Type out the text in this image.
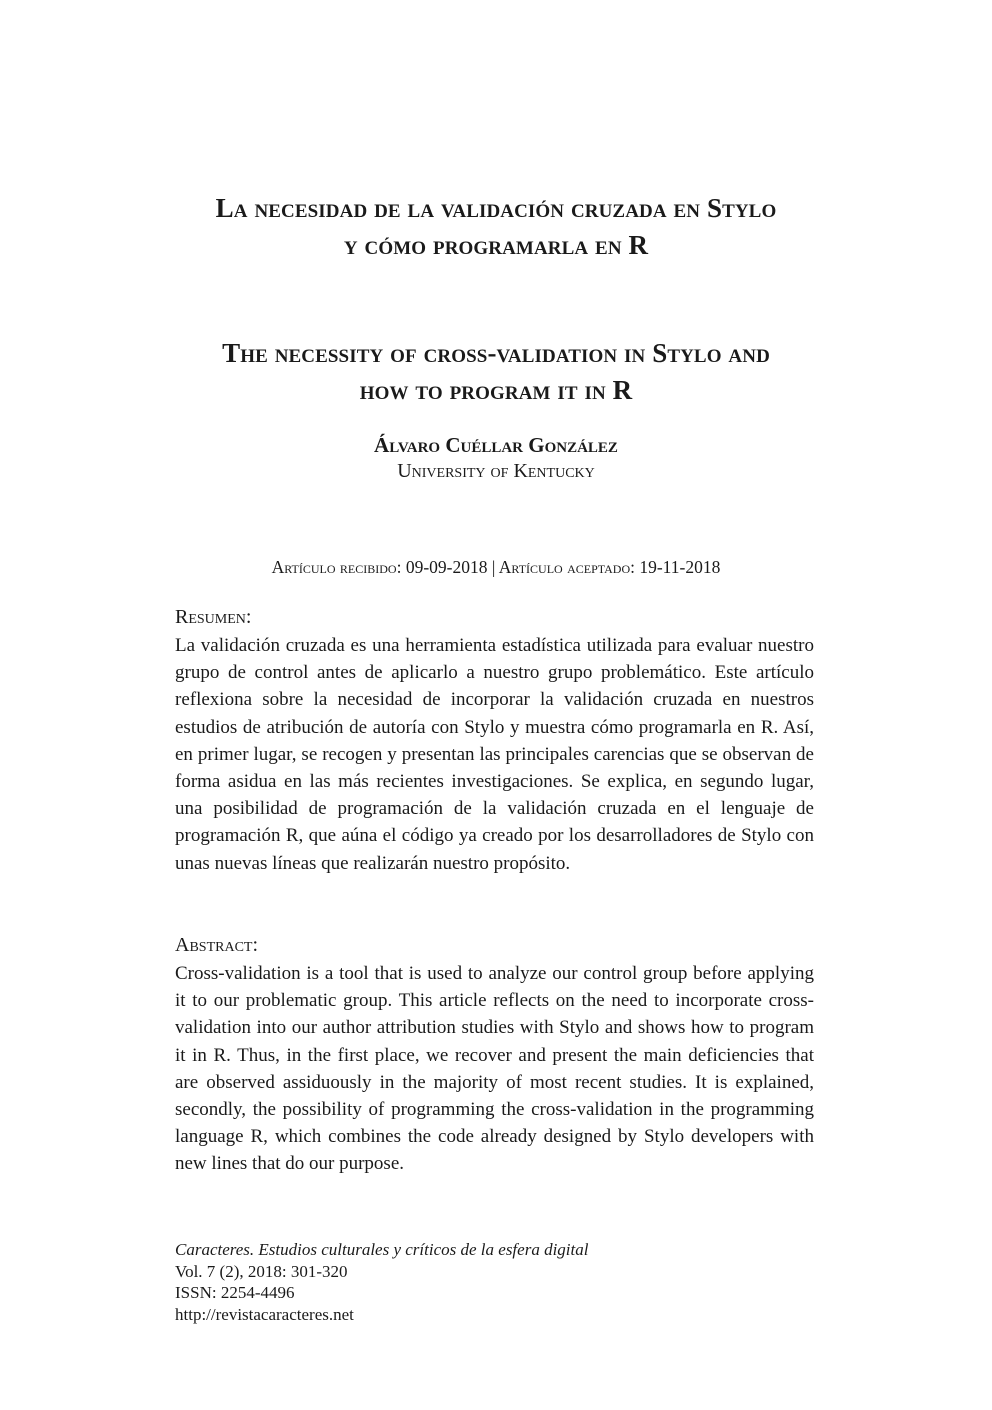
La necesidad de la validación cruzada en Stylo
y cómo programarla en R
The necessity of cross-validation in Stylo and
how to program it in R
Álvaro Cuéllar González
University of Kentucky
Artículo recibido: 09-09-2018 | Artículo aceptado: 19-11-2018
Resumen:

La validación cruzada es una herramienta estadística utilizada para evaluar nuestro grupo de control antes de aplicarlo a nuestro grupo problemático. Este artículo reflexiona sobre la necesidad de incorporar la validación cruzada en nuestros estudios de atribución de autoría con Stylo y muestra cómo programarla en R. Así, en primer lugar, se recogen y presentan las principales carencias que se observan de forma asidua en las más recientes investigaciones. Se explica, en segundo lugar, una posibilidad de programación de la validación cruzada en el lenguaje de programación R, que aúna el código ya creado por los desarrolladores de Stylo con unas nuevas líneas que realizarán nuestro propósito.

Abstract:

Cross-validation is a tool that is used to analyze our control group before applying it to our problematic group. This article reflects on the need to incorporate cross-validation into our author attribution studies with Stylo and shows how to program it in R. Thus, in the first place, we recover and present the main deficiencies that are observed assiduously in the majority of most recent studies. It is explained, secondly, the possibility of programming the cross-validation in the programming language R, which combines the code already designed by Stylo developers with new lines that do our purpose.

Caracteres. Estudios culturales y críticos de la esfera digital
Vol. 7 (2), 2018: 301-320
ISSN: 2254-4496
http://revistacaracteres.net
